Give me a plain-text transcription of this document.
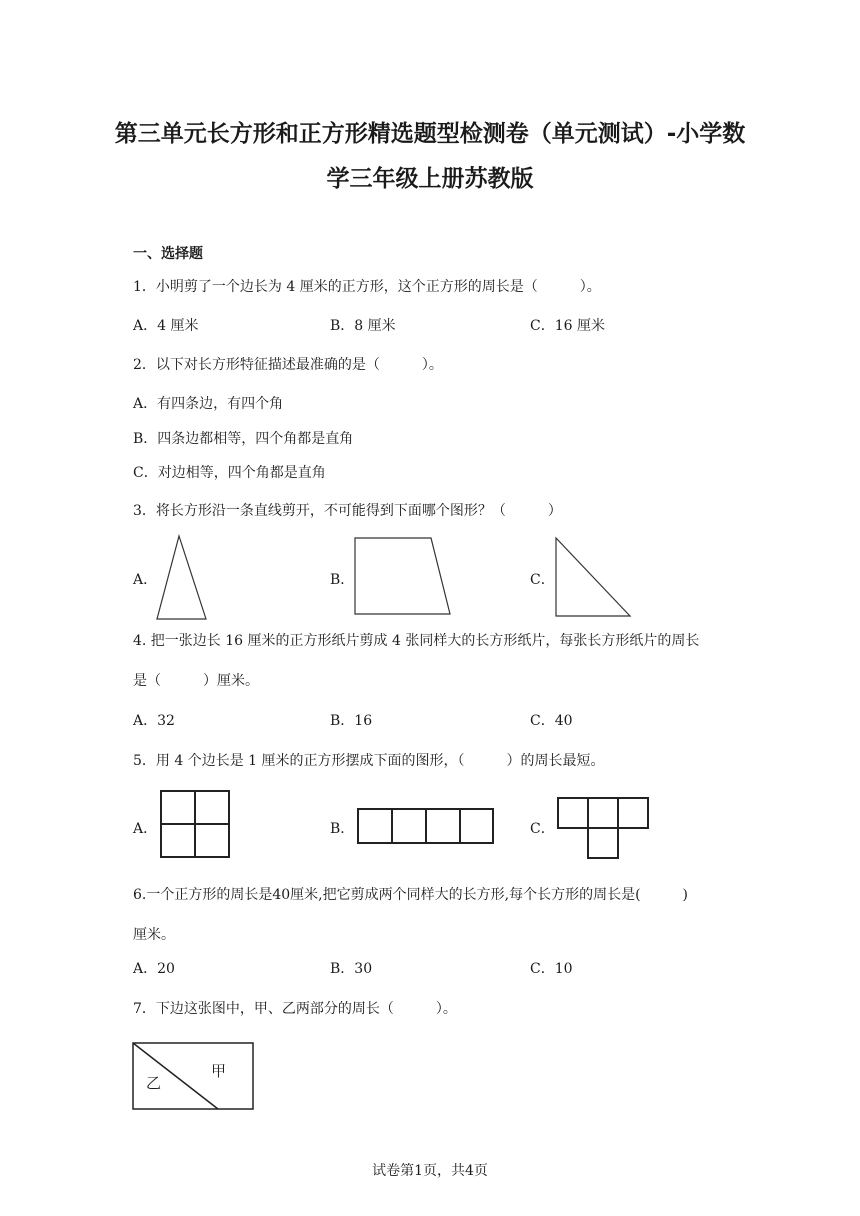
第三单元长方形和正方形精选题型检测卷（单元测试）-小学数
学三年级上册苏教版
一、选择题
1．小明剪了一个边长为 4 厘米的正方形，这个正方形的周长是（　　　）。
A．4 厘米	B．8 厘米	C．16 厘米
2．以下对长方形特征描述最准确的是（　　　）。
A．有四条边，有四个角
B．四条边都相等，四个角都是直角
C．对边相等，四个角都是直角
3．将长方形沿一条直线剪开，不可能得到下面哪个图形？（　　　）
A．	B．	C．
4. 把一张边长 16 厘米的正方形纸片剪成 4 张同样大的长方形纸片，每张长方形纸片的周长
是（　　　）厘米。
A．32	B．16	C．40
5．用 4 个边长是 1 厘米的正方形摆成下面的图形，（　　　）的周长最短。
A．	B．	C．
6.一个正方形的周长是40厘米,把它剪成两个同样大的长方形,每个长方形的周长是(　　　)
厘米。
A．20	B．30	C．10
7．下边这张图中，甲、乙两部分的周长（　　　）。
甲
乙
试卷第1页，共4页
